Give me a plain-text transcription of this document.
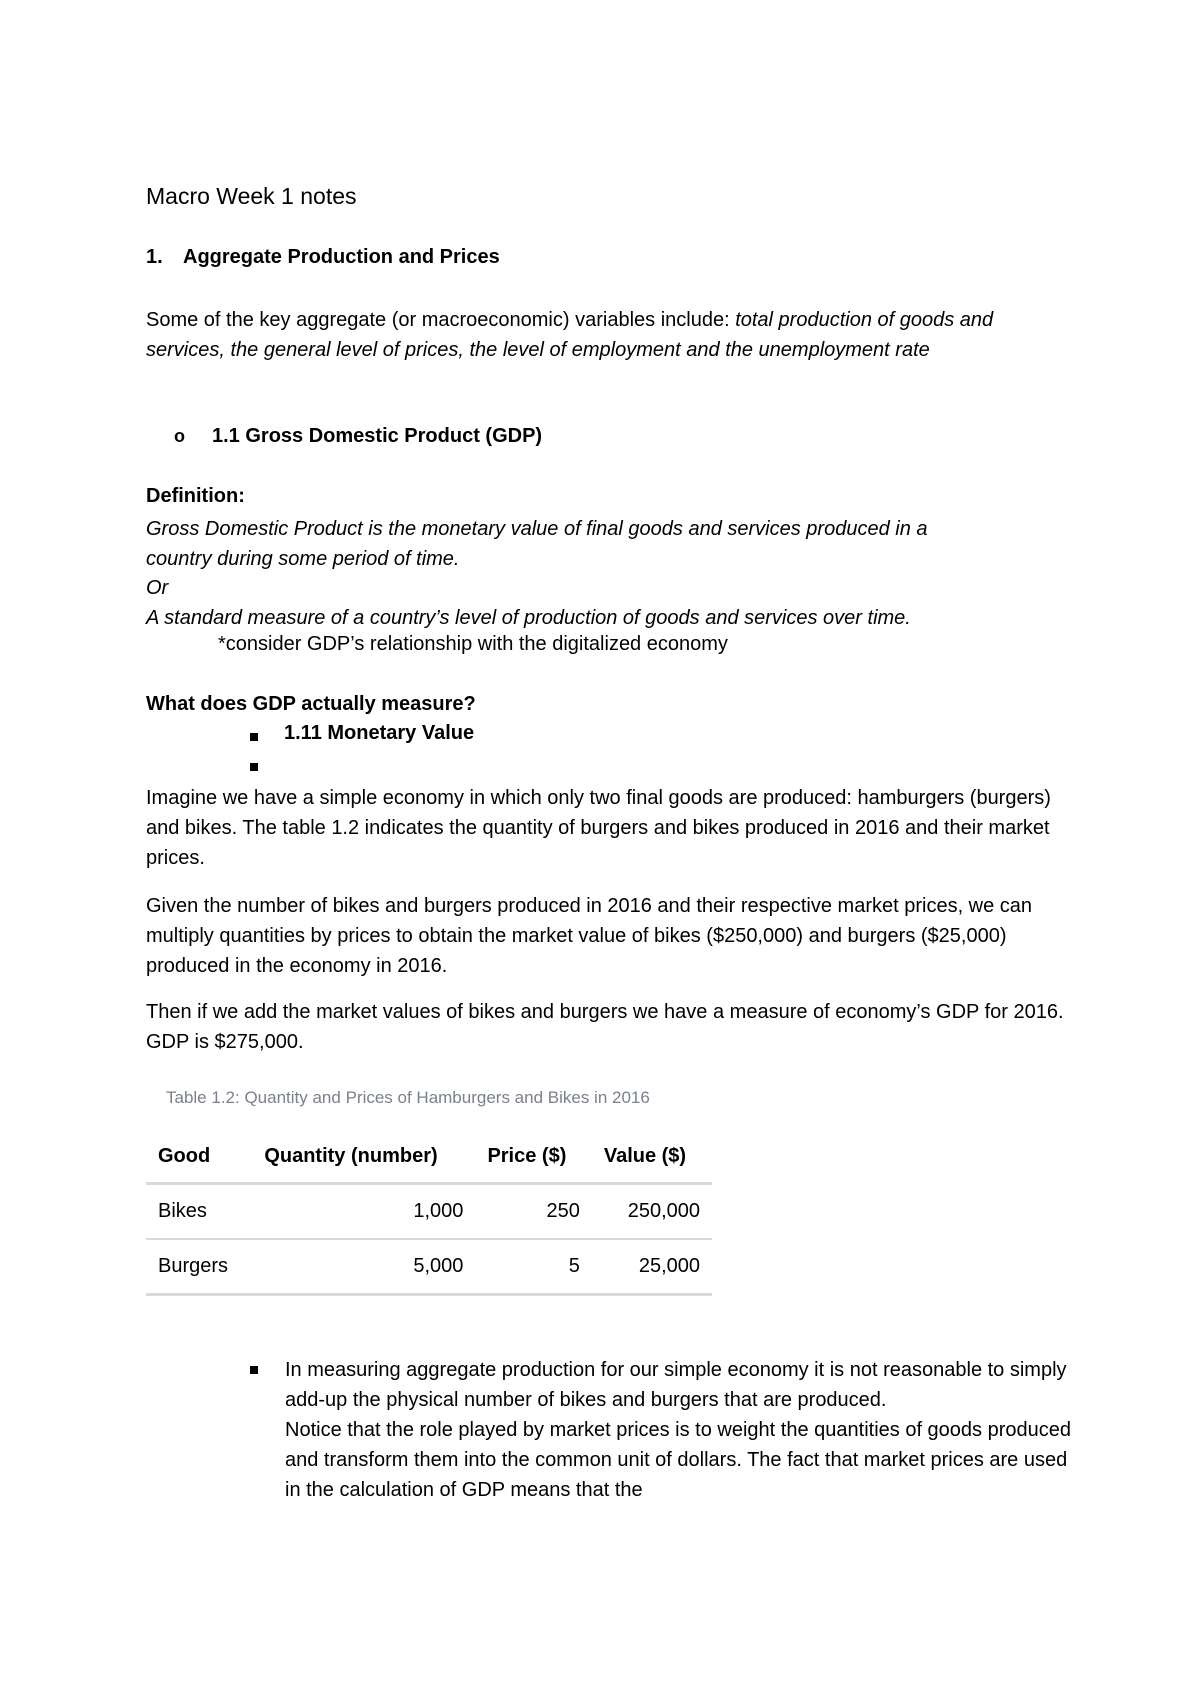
Macro Week 1 notes
1. Aggregate Production and Prices
Some of the key aggregate (or macroeconomic) variables include: total production of goods and services, the general level of prices, the level of employment and the unemployment rate
o 1.1 Gross Domestic Product (GDP)
Definition:
Gross Domestic Product is the monetary value of final goods and services produced in a
country during some period of time.
Or
A standard measure of a country’s level of production of goods and services over time.
*consider GDP’s relationship with the digitalized economy
What does GDP actually measure?
1.11 Monetary Value
Imagine we have a simple economy in which only two final goods are produced: hamburgers (burgers) and bikes. The table 1.2 indicates the quantity of burgers and bikes produced in 2016 and their market prices.
Given the number of bikes and burgers produced in 2016 and their respective market prices, we can multiply quantities by prices to obtain the market value of bikes ($250,000) and burgers ($25,000) produced in the economy in 2016.
Then if we add the market values of bikes and burgers we have a measure of economy’s GDP for 2016. GDP is $275,000.
Table 1.2: Quantity and Prices of Hamburgers and Bikes in 2016
Good	Quantity (number)	Price ($)	Value ($)
Bikes	1,000	250	250,000
Burgers	5,000	5	25,000
In measuring aggregate production for our simple economy it is not reasonable to simply add-up the physical number of bikes and burgers that are produced.
Notice that the role played by market prices is to weight the quantities of goods produced and transform them into the common unit of dollars. The fact that market prices are used in the calculation of GDP means that the
